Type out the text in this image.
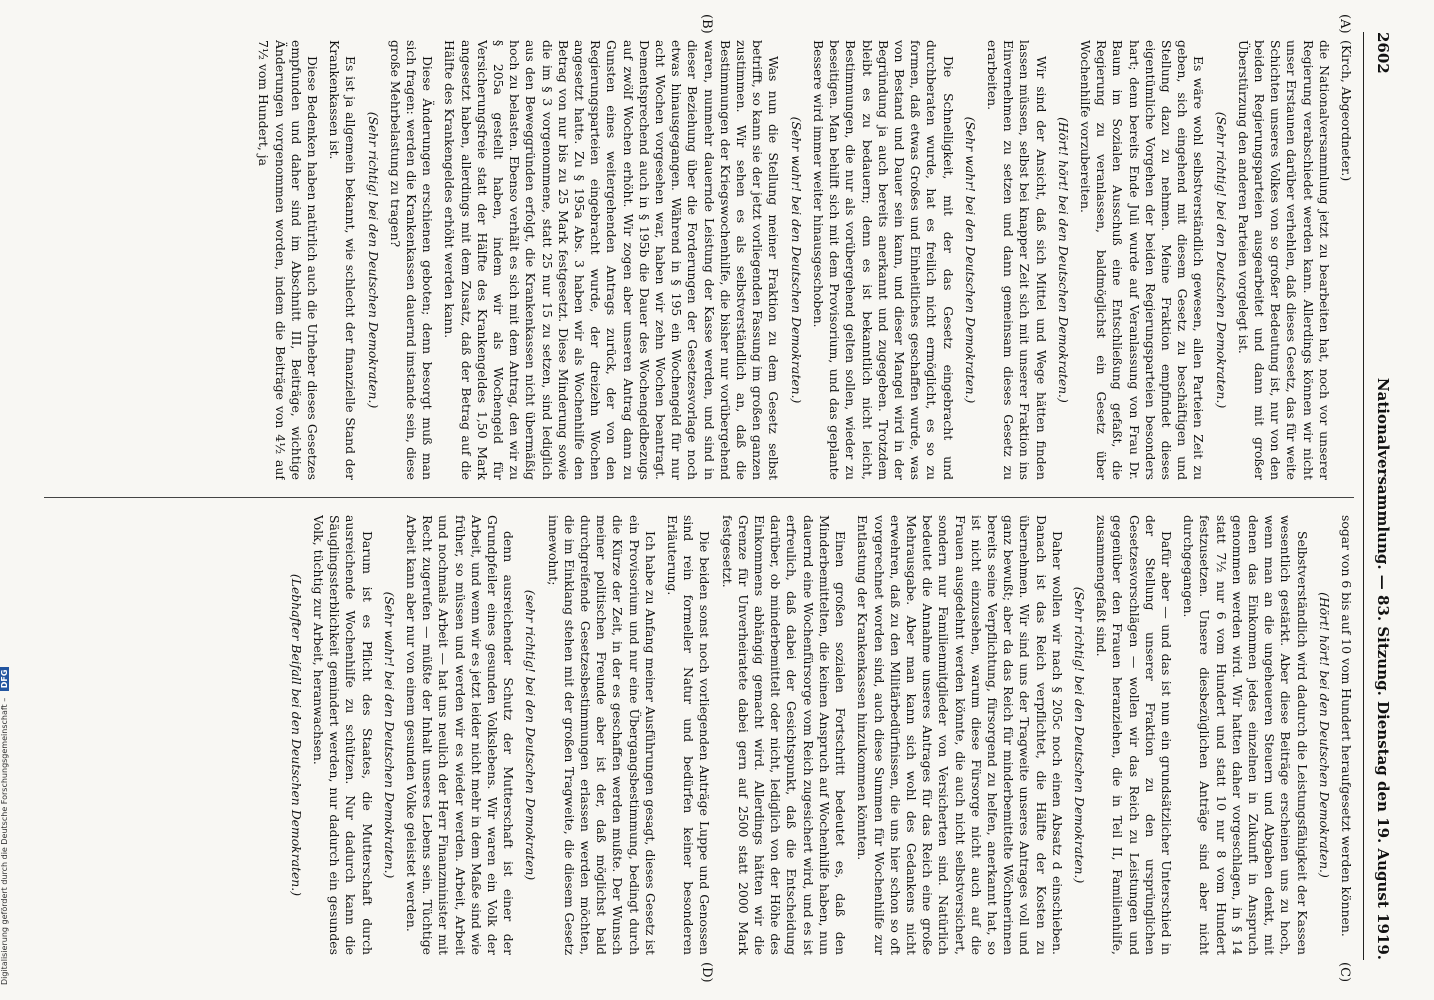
2602
Nationalversammlung. — 83. Sitzung. Dienstag den 19. August 1919.
(A)
(B)
(C)
(D)

(Kirch, Abgeordneter.)

die Nationalversammlung jetzt zu bearbeiten hat, noch vor unserer Regierung verabschiedet werden kann. Allerdings können wir nicht unser Erstaunen darüber verhehlen, daß dieses Gesetz, das für weite Schichten unseres Volkes von so großer Bedeutung ist, nur von den beiden Regierungsparteien ausgearbeitet und dann mit großer Überstürzung den anderen Parteien vorgelegt ist.

(Sehr richtig! bei den Deutschen Demokraten.)

Es wäre wohl selbstverständlich gewesen, allen Parteien Zeit zu geben, sich eingehend mit diesem Gesetz zu beschäftigen und Stellung dazu zu nehmen. Meine Fraktion empfindet dieses eigentümliche Vorgehen der beiden Regierungsparteien besonders hart; denn bereits Ende Juli wurde auf Veranlassung von Frau Dr. Baum im Sozialen Ausschuß eine Entschließung gefaßt, die Regierung zu veranlassen, baldmöglichst ein Gesetz über Wochenhilfe vorzubereiten.

(Hört! hört! bei den Deutschen Demokraten.)

Wir sind der Ansicht, daß sich Mittel und Wege hätten finden lassen müssen, selbst bei knapper Zeit sich mit unserer Fraktion ins Einvernehmen zu setzen und dann gemeinsam dieses Gesetz zu erarbeiten.

(Sehr wahr! bei den Deutschen Demokraten.)

Die Schnelligkeit, mit der das Gesetz eingebracht und durchberaten wurde, hat es freilich nicht ermöglicht, es so zu formen, daß etwas Großes und Einheitliches geschaffen wurde, was von Bestand und Dauer sein kann, und dieser Mangel wird in der Begründung ja auch bereits anerkannt und zugegeben. Trotzdem bleibt es zu bedauern; denn es ist bekanntlich nicht leicht, Bestimmungen, die nur als vorübergehend gelten sollen, wieder zu beseitigen. Man behilft sich mit dem Provisorium, und das geplante Bessere wird immer weiter hinausgeschoben.

(Sehr wahr! bei den Deutschen Demokraten.)

Was nun die Stellung meiner Fraktion zu dem Gesetz selbst betrifft, so kann sie der jetzt vorliegenden Fassung im großen ganzen zustimmen. Wir sehen es als selbstverständlich an, daß die Bestimmungen der Kriegswochenhilfe, die bisher nur vorübergehend waren, nunmehr dauernde Leistung der Kasse werden, und sind in dieser Beziehung über die Forderungen der Gesetzesvorlage noch etwas hinausgegangen. Während in § 195 ein Wochengeld für nur acht Wochen vorgesehen war, haben wir zehn Wochen beantragt. Dementsprechend auch in § 195b die Dauer des Wochengeldbezugs auf zwölf Wochen erhöht. Wir zogen aber unseren Antrag dann zu Gunsten eines weitergehenden Antrags zurück, der von den Regierungsparteien eingebracht wurde, der dreizehn Wochen angesetzt hatte. Zu § 195a Abs. 3 haben wir als Wochenhilfe den Betrag von nur bis zu 25 Mark festgesetzt. Diese Minderung sowie die im § 3 vorgenommene, statt 25 nur 15 zu setzen, sind lediglich aus den Beweggründen erfolgt, die Krankenkassen nicht übermäßig hoch zu belasten. Ebenso verhält es sich mit dem Antrag, den wir zu § 205a gestellt haben, indem wir als Wochengeld für Versicherungsfreie statt der Hälfte des Krankengeldes 1,50 Mark angesetzt haben, allerdings mit dem Zusatz, daß der Betrag auf die Hälfte des Krankengeldes erhöht werden kann.

Diese Änderungen erschienen geboten; denn besorgt muß man sich fragen: werden die Krankenkassen dauernd imstande sein, diese große Mehrbelastung zu tragen?

(Sehr richtig! bei den Deutschen Demokraten.)

Es ist ja allgemein bekannt, wie schlecht der finanzielle Stand der Krankenkassen ist.

Diese Bedenken haben natürlich auch die Urheber dieses Gesetzes empfunden und daher sind im Abschnitt III, Beiträge, wichtige Änderungen vorgenommen worden, indem die Beiträge von 4½ auf 7½ vom Hundert, ja

sogar von 6 bis auf 10 vom Hundert heraufgesetzt werden können.

(Hört! hört! bei den Deutschen Demokraten.)

Selbstverständlich wird dadurch die Leistungsfähigkeit der Kassen wesentlich gestärkt. Aber diese Beiträge erscheinen uns zu hoch, wenn man an die ungeheueren Steuern und Abgaben denkt, mit denen das Einkommen jedes einzelnen in Zukunft in Anspruch genommen werden wird. Wir hatten daher vorgeschlagen, in § 14 statt 7½ nur 6 vom Hundert und statt 10 nur 8 vom Hundert festzusetzen. Unsere diesbezüglichen Anträge sind aber nicht durchgegangen.

Dafür aber — und das ist nun ein grundsätzlicher Unterschied in der Stellung unserer Fraktion zu den ursprünglichen Gesetzesvorschlägen — wollen wir das Reich zu Leistungen und gegenüber den Frauen heranziehen, die in Teil II, Familienhilfe, zusammengefaßt sind.

(Sehr richtig! bei den Deutschen Demokraten.)

Daher wollen wir nach § 205c noch einen Absatz d einschieben. Danach ist das Reich verpflichtet, die Hälfte der Kosten zu übernehmen. Wir sind uns der Tragweite unseres Antrages voll und ganz bewußt; aber da das Reich für minderbemittelte Wöchnerinnen bereits seine Verpflichtung, fürsorgend zu helfen, anerkannt hat, so ist nicht einzusehen, warum diese Fürsorge nicht auch auf die Frauen ausgedehnt werden könnte, die auch nicht selbstversichert, sondern nur Familienmitglieder von Versicherten sind. Natürlich bedeutet die Annahme unseres Antrages für das Reich eine große Mehrausgabe. Aber man kann sich wohl des Gedankens nicht erwehren, daß zu den Militärbedürfnissen, die uns hier schon so oft vorgerechnet worden sind, auch diese Summen für Wochenhilfe zur Entlastung der Krankenkassen hinzukommen könnten.

Einen großen sozialen Fortschritt bedeutet es, daß den Minderbemittelten, die keinen Anspruch auf Wochenhilfe haben, nun dauernd eine Wochenfürsorge vom Reich zugesichert wird, und es ist erfreulich, daß dabei der Gesichtspunkt, daß die Entscheidung darüber, ob minderbemittelt oder nicht, lediglich von der Höhe des Einkommens abhängig gemacht wird. Allerdings hätten wir die Grenze für Unverheiratete dabei gern auf 2500 statt 2000 Mark festgesetzt.

Die beiden sonst noch vorliegenden Anträge Luppe und Genossen sind rein formeller Natur und bedürfen keiner besonderen Erläuterung.

Ich habe zu Anfang meiner Ausführungen gesagt, dieses Gesetz ist ein Provisorium und nur eine Übergangsbestimmung, bedingt durch die Kürze der Zeit, in der es geschaffen werden mußte. Der Wunsch meiner politischen Freunde aber ist der, daß möglichst bald durchgreifende Gesetzesbestimmungen erlassen werden möchten, die im Einklang stehen mit der großen Tragweite, die diesem Gesetz innewohnt;

(sehr richtig! bei den Deutschen Demokraten)

denn ausreichender Schutz der Mutterschaft ist einer der Grundpfeiler eines gesunden Volkslebens. Wir waren ein Volk der Arbeit, und wenn wir es jetzt leider nicht mehr in dem Maße sind wie früher, so müssen und werden wir es wieder werden. Arbeit, Arbeit und nochmals Arbeit — hat uns neulich der Herr Finanzminister mit Recht zugerufen — müßte der Inhalt unseres Lebens sein. Tüchtige Arbeit kann aber nur von einem gesunden Volke geleistet werden.

(Sehr wahr! bei den Deutschen Demokraten.)

Darum ist es Pflicht des Staates, die Mutterschaft durch ausreichende Wochenhilfe zu schützen. Nur dadurch kann die Säuglingssterblichkeit gemindert werden, nur dadurch ein gesundes Volk, tüchtig zur Arbeit, heranwachsen.

(Lebhafter Beifall bei den Deutschen Demokraten.)

Digitalisierung gefördert durch die Deutsche Forschungsgemeinschaft – DFG
